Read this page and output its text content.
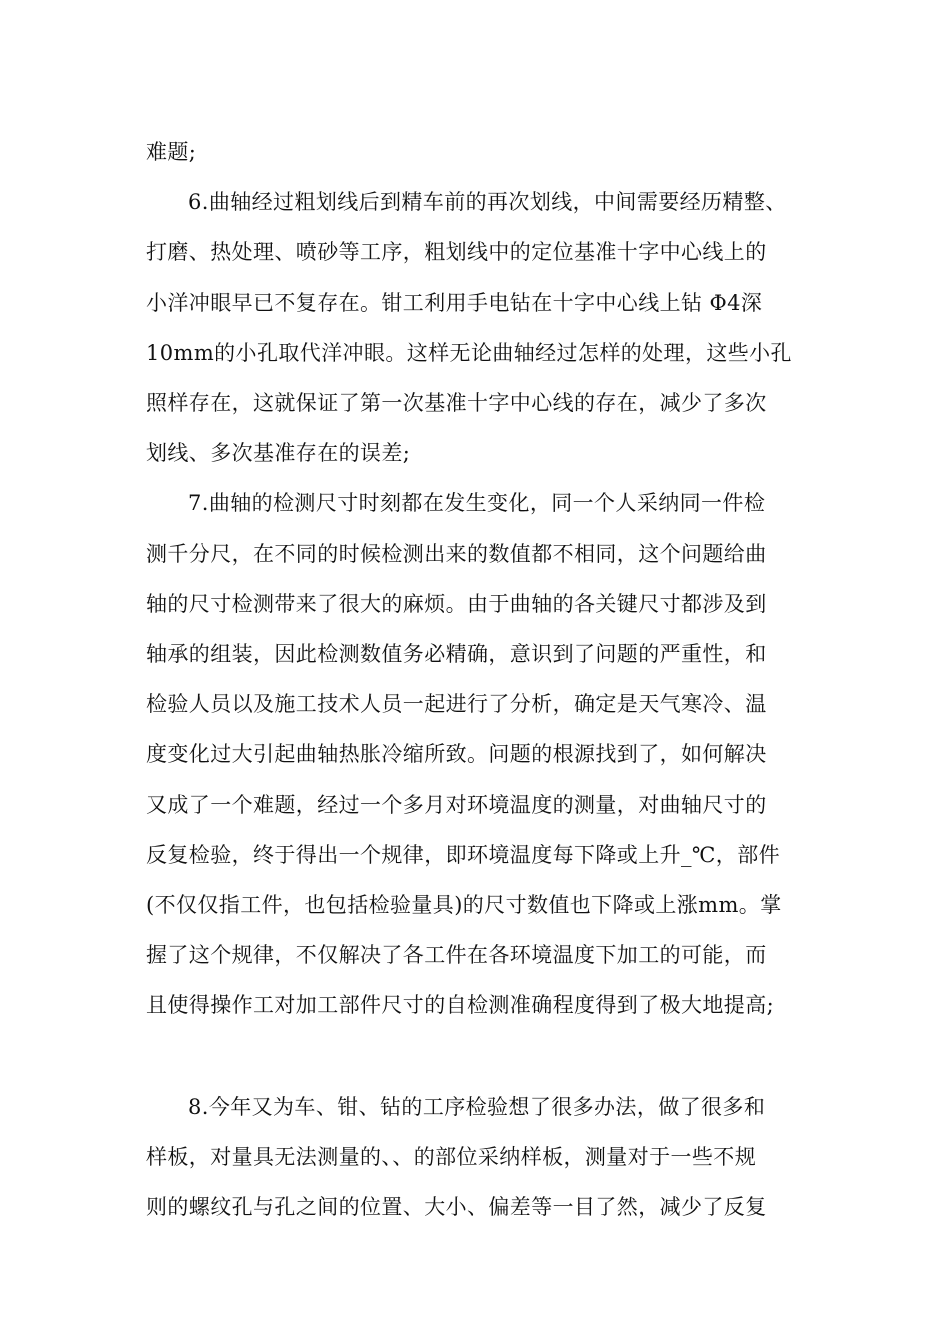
难题;
6.曲轴经过粗划线后到精车前的再次划线，中间需要经历精整、
打磨、热处理、喷砂等工序，粗划线中的定位基准十字中心线上的
小洋冲眼早已不复存在。钳工利用手电钻在十字中心线上钻 Φ4深
10mm的小孔取代洋冲眼。这样无论曲轴经过怎样的处理，这些小孔
照样存在，这就保证了第一次基准十字中心线的存在，减少了多次
划线、多次基准存在的误差;
7.曲轴的检测尺寸时刻都在发生变化，同一个人采纳同一件检
测千分尺，在不同的时候检测出来的数值都不相同，这个问题给曲
轴的尺寸检测带来了很大的麻烦。由于曲轴的各关键尺寸都涉及到
轴承的组装，因此检测数值务必精确，意识到了问题的严重性，和
检验人员以及施工技术人员一起进行了分析，确定是天气寒冷、温
度变化过大引起曲轴热胀冷缩所致。问题的根源找到了，如何解决
又成了一个难题，经过一个多月对环境温度的测量，对曲轴尺寸的
反复检验，终于得出一个规律，即环境温度每下降或上升_℃，部件
(不仅仅指工件，也包括检验量具)的尺寸数值也下降或上涨mm。掌
握了这个规律，不仅解决了各工件在各环境温度下加工的可能，而
且使得操作工对加工部件尺寸的自检测准确程度得到了极大地提高;
8.今年又为车、钳、钻的工序检验想了很多办法，做了很多和
样板，对量具无法测量的、、的部位采纳样板，测量对于一些不规
则的螺纹孔与孔之间的位置、大小、偏差等一目了然，减少了反复
